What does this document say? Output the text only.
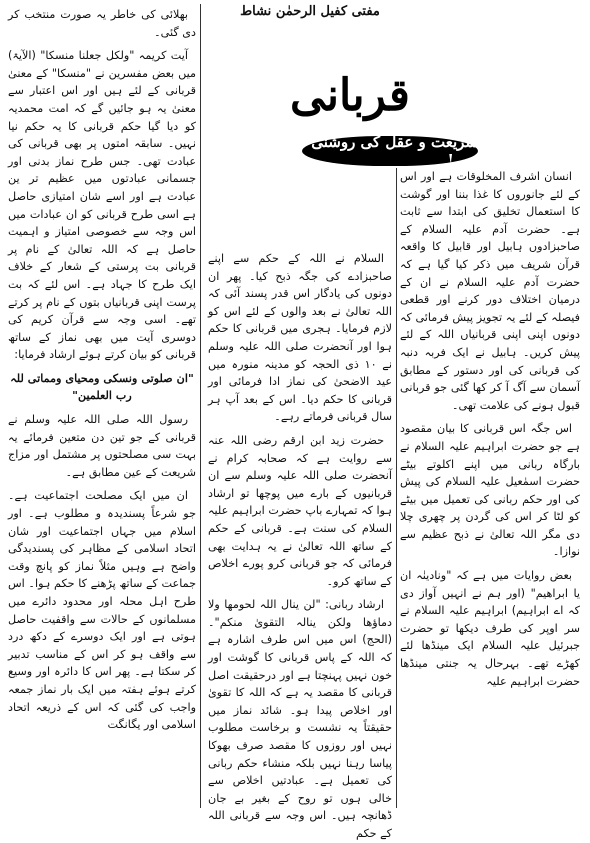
مفتی کفیل الرحمٰن نشاط
قربانی
شریعت و عقل کی روشنی میں!

انسان اشرف المخلوقات ہے اور اس کے لئے جانوروں کا غذا بننا اور گوشت کا استعمال تخلیق کی ابتدا سے ثابت ہے۔ حضرت آدم علیہ السلام کے صاحبزادوں ہابیل اور قابیل کا واقعہ قرآن شریف میں ذکر کیا گیا ہے کہ حضرت آدم علیہ السلام نے ان کے درمیان اختلاف دور کرنے اور قطعی فیصلہ کے لئے یہ تجویز پیش فرمائی کہ دونوں اپنی اپنی قربانیاں اللہ کے لئے پیش کریں۔ ہابیل نے ایک فربہ دنبہ کی قربانی کی اور دستور کے مطابق آسمان سے آگ آ کر کھا گئی جو قربانی قبول ہونے کی علامت تھی۔

اس جگہ اس قربانی کا بیان مقصود ہے جو حضرت ابراہیم علیہ السلام نے بارگاہ ربانی میں اپنے اکلوتے بیٹے حضرت اسمٰعیل علیہ السلام کی پیش کی اور حکم ربانی کی تعمیل میں بیٹے کو لٹا کر اس کی گردن پر چھری چلا دی مگر اللہ تعالیٰ نے ذبح عظیم سے نوازا۔

بعض روایات میں ہے کہ "ونادینٰہ ان یا ابراھیم" (اور ہم نے انہیں آواز دی کہ اے ابراہیم) ابراہیم علیہ السلام نے سر اوپر کی طرف دیکھا تو حضرت جبرئیل علیہ السلام ایک مینڈھا لئے کھڑے تھے۔ بہرحال یہ جنتی مینڈھا حضرت ابراہیم علیہ

السلام نے اللہ کے حکم سے اپنے صاحبزادے کی جگہ ذبح کیا۔ پھر ان دونوں کی یادگار اس قدر پسند آئی کہ اللہ تعالیٰ نے بعد والوں کے لئے اس کو لازم فرمایا۔ ہجری میں قربانی کا حکم ہوا اور آنحضرت صلی اللہ علیہ وسلم نے ۱۰ ذی الحجہ کو مدینہ منورہ میں عید الاضحیٰ کی نماز ادا فرمائی اور قربانی کا حکم دیا۔ اس کے بعد آپ ہر سال قربانی فرماتے رہے۔

حضرت زید ابن ارقم رضی اللہ عنہ سے روایت ہے کہ صحابہ کرام نے آنحضرت صلی اللہ علیہ وسلم سے ان قربانیوں کے بارے میں پوچھا تو ارشاد ہوا کہ تمہارے باپ حضرت ابراہیم علیہ السلام کی سنت ہے۔ قربانی کے حکم کے ساتھ اللہ تعالیٰ نے یہ ہدایت بھی فرمائی کہ جو قربانی کرو پورے اخلاص کے ساتھ کرو۔

ارشاد ربانی: "لن ینال اللہ لحومھا ولا دماؤھا ولکن ینالہ التقویٰ منکم"۔ (الحج) اس میں اس طرف اشارہ ہے کہ اللہ کے پاس قربانی کا گوشت اور خون نہیں پہنچتا ہے اور درحقیقت اصل قربانی کا مقصد یہ ہے کہ اللہ کا تقویٰ اور اخلاص پیدا ہو۔ شائد نماز میں حقیقتاً یہ نشست و برخاست مطلوب نہیں اور روزوں کا مقصد صرف بھوکا پیاسا رہنا نہیں بلکہ منشاء حکم ربانی کی تعمیل ہے۔ عبادتیں اخلاص سے خالی ہوں تو روح کے بغیر بے جان ڈھانچہ ہیں۔ اس وجہ سے قربانی اللہ کے حکم

بھلائی کی خاطر یہ صورت منتخب کر دی گئی۔

آیت کریمہ "ولکل جعلنا منسکا" (الآیۃ) میں بعض مفسرین نے "منسکا" کے معنیٰ قربانی کے لئے ہیں اور اس اعتبار سے معنیٰ یہ ہو جائیں گے کہ امت محمدیہ کو دیا گیا حکم قربانی کا یہ حکم نیا نہیں۔ سابقہ امتوں پر بھی قربانی کی عبادت تھی۔ جس طرح نماز بدنی اور جسمانی عبادتوں میں عظیم تر ین عبادت ہے اور اسے شان امتیازی حاصل ہے اسی طرح قربانی کو ان عبادات میں اس وجہ سے خصوصی امتیاز و اہمیت حاصل ہے کہ اللہ تعالیٰ کے نام پر قربانی بت پرستی کے شعار کے خلاف ایک طرح کا جہاد ہے۔ اس لئے کہ بت پرست اپنی قربانیاں بتوں کے نام پر کرتے تھے۔ اسی وجہ سے قرآن کریم کی دوسری آیت میں بھی نماز کے ساتھ قربانی کو بیان کرتے ہوئے ارشاد فرمایا:

"ان صلوتی ونسکی ومحیای ومماتی للہ رب العلمین"

رسول اللہ صلی اللہ علیہ وسلم نے قربانی کے جو تین دن متعین فرمائے یہ بہت سی مصلحتوں پر مشتمل اور مزاج شریعت کے عین مطابق ہے۔

ان میں ایک مصلحت اجتماعیت ہے۔ جو شرعاً پسندیدہ و مطلوب ہے۔ اور اسلام میں جہاں اجتماعیت اور شان اتحاد اسلامی کے مظاہر کی پسندیدگی واضح ہے وہیں مثلاً نماز کو پانچ وقت جماعت کے ساتھ پڑھنے کا حکم ہوا۔ اس طرح اہل محلہ اور محدود دائرے میں مسلمانوں کے حالات سے واقفیت حاصل ہوتی ہے اور ایک دوسرے کے دکھ درد سے واقف ہو کر اس کے مناسب تدبیر کر سکتا ہے۔ پھر اس کا دائرہ اور وسیع کرتے ہوئے ہفتہ میں ایک بار نماز جمعہ واجب کی گئی کہ اس کے ذریعہ اتحاد اسلامی اور یگانگت
